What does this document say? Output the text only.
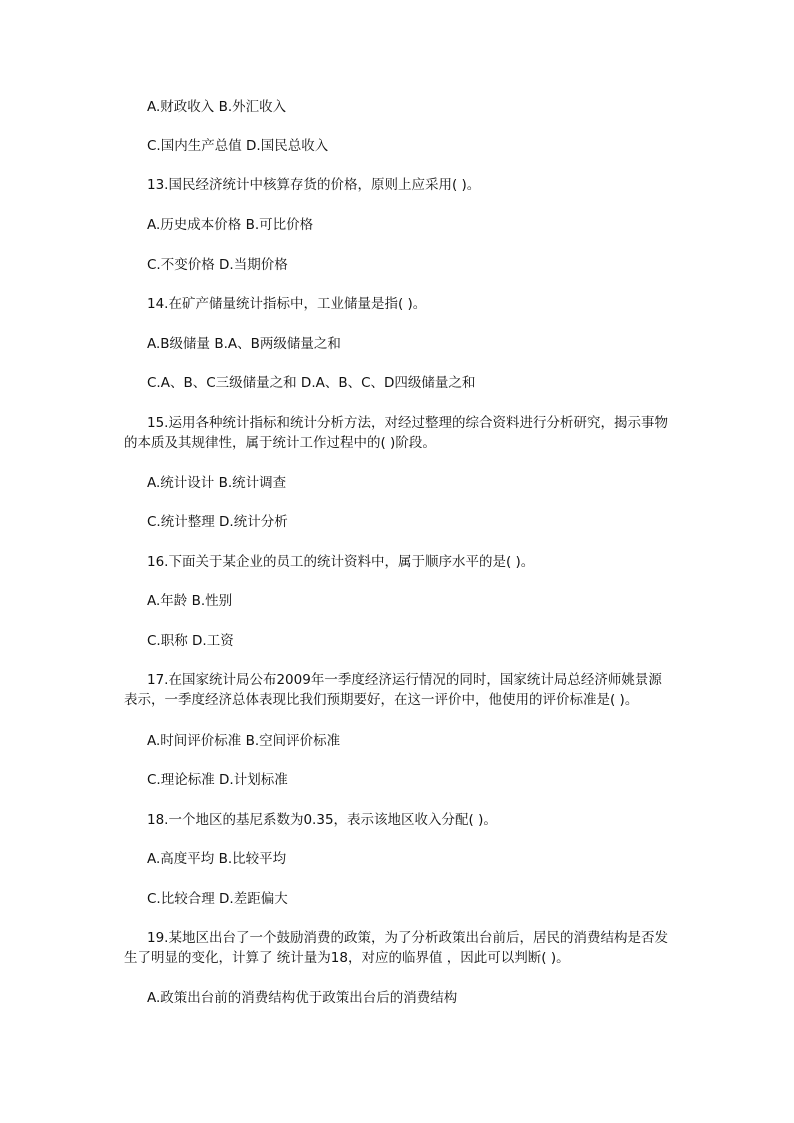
A.财政收入 B.外汇收入
C.国内生产总值 D.国民总收入
13.国民经济统计中核算存货的价格，原则上应采用( )。
A.历史成本价格 B.可比价格
C.不变价格 D.当期价格
14.在矿产储量统计指标中，工业储量是指( )。
A.B级储量 B.A、B两级储量之和
C.A、B、C三级储量之和 D.A、B、C、D四级储量之和
15.运用各种统计指标和统计分析方法，对经过整理的综合资料进行分析研究，揭示事物的本质及其规律性，属于统计工作过程中的( )阶段。
A.统计设计 B.统计调查
C.统计整理 D.统计分析
16.下面关于某企业的员工的统计资料中，属于顺序水平的是( )。
A.年龄 B.性别
C.职称 D.工资
17.在国家统计局公布2009年一季度经济运行情况的同时，国家统计局总经济师姚景源表示，一季度经济总体表现比我们预期要好，在这一评价中，他使用的评价标准是( )。
A.时间评价标准 B.空间评价标准
C.理论标准 D.计划标准
18.一个地区的基尼系数为0.35，表示该地区收入分配( )。
A.高度平均 B.比较平均
C.比较合理 D.差距偏大
19.某地区出台了一个鼓励消费的政策，为了分析政策出台前后，居民的消费结构是否发生了明显的变化，计算了 统计量为18，对应的临界值 ，因此可以判断( )。
A.政策出台前的消费结构优于政策出台后的消费结构
